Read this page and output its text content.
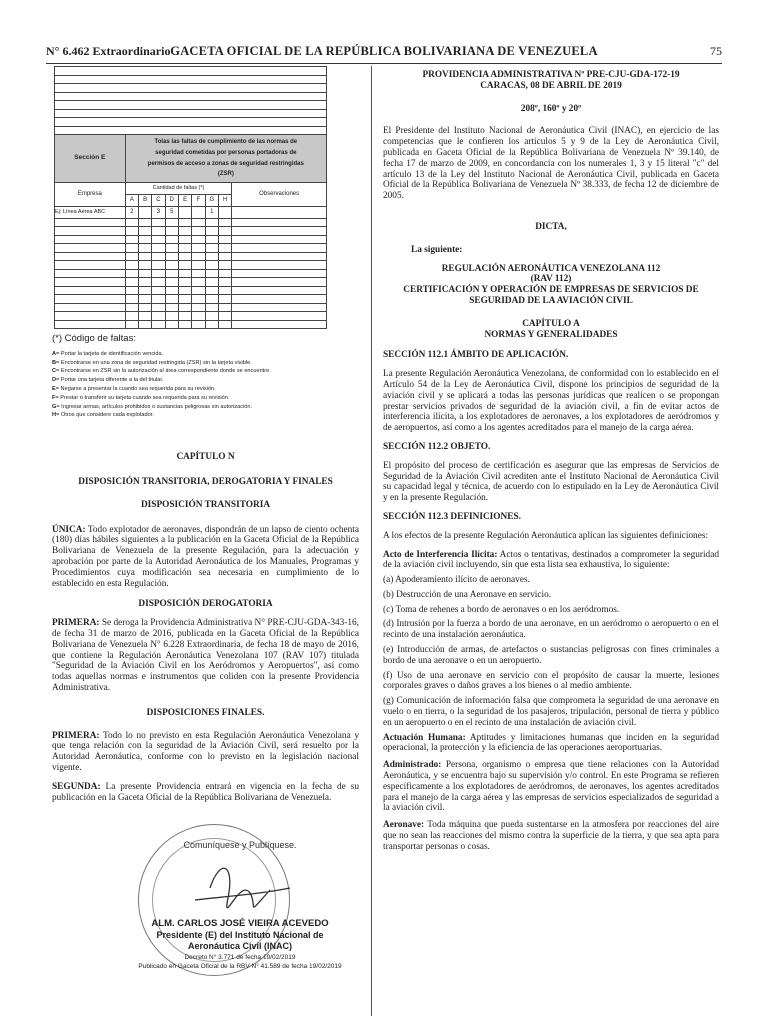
N° 6.462 Extraordinario GACETA OFICIAL DE LA REPÚBLICA BOLIVARIANA DE VENEZUELA	75

Sección E	Tolas las faltas de cumplimiento de las normas de seguridad cometidas por personas portadoras de permisos de acceso a zonas de seguridad restringidas (ZSR)								
Empresa	Cantidad de faltas (*)								Observaciones
	A	B	C	D	E	F	G	H	
Ej: Línea Aérea ABC	2		3	5			1		

(*) Código de faltas:
A= Portar la tarjeta de identificación vencida.
B= Encontrarse en una zona de seguridad restringida (ZSR) sin la tarjeta visible.
C= Encontrarse en ZSR sin la autorización al área correspondiente donde se encuentre.
D= Portar una tarjeta diferente a la del titular.
E= Negarse a presentar la cuando sea requerida para su revisión.
F= Prestar o transferir su tarjeta cuando sea requerida para su revisión.
G= Ingresar armas, artículos prohibidos o sustancias peligrosas sin autorización.
H= Otros que considere cada explotador.

CAPÍTULO N

DISPOSICIÓN TRANSITORIA, DEROGATORIA Y FINALES

DISPOSICIÓN TRANSITORIA

ÚNICA: Todo explotador de aeronaves, dispondrán de un lapso de ciento ochenta (180) días hábiles siguientes a la publicación en la Gaceta Oficial de la República Bolivariana de Venezuela de la presente Regulación, para la adecuación y aprobación por parte de la Autoridad Aeronáutica de los Manuales, Programas y Procedimientos cuya modificación sea necesaria en cumplimiento de lo establecido en esta Regulación.

DISPOSICIÓN DEROGATORIA

PRIMERA: Se deroga la Providencia Administrativa N° PRE-CJU-GDA-343-16, de fecha 31 de marzo de 2016, publicada en la Gaceta Oficial de la República Bolivariana de Venezuela N° 6.228 Extraordinaria, de fecha 18 de mayo de 2016, que contiene la Regulación Aeronáutica Venezolana 107 (RAV 107) titulada "Seguridad de la Aviación Civil en los Aeródromos y Aeropuertos", así como todas aquellas normas e instrumentos que coliden con la presente Providencia Administrativa.

DISPOSICIONES FINALES.

PRIMERA: Todo lo no previsto en esta Regulación Aeronáutica Venezolana y que tenga relación con la seguridad de la Aviación Civil, será resuelto por la Autoridad Aeronáutica, conforme con lo previsto en la legislación nacional vigente.

SEGUNDA: La presente Providencia entrará en vigencia en la fecha de su publicación en la Gaceta Oficial de la República Bolivariana de Venezuela.

Comuníquese y Publíquese.
ALM. CARLOS JOSÉ VIEIRA ACEVEDO
Presidente (E) del Instituto Nacional de
Aeronáutica Civil (INAC)
Decreto N° 3.771 de fecha 19/02/2019
Publicado en Gaceta Oficial de la RBV N° 41.589 de fecha 19/02/2019

PROVIDENCIA ADMINISTRATIVA Nº PRE-CJU-GDA-172-19

CARACAS, 08 DE ABRIL DE 2019

208º, 160º y 20º

El Presidente del Instituto Nacional de Aeronáutica Civil (INAC), en ejercicio de las competencias que le confieren los artículos 5 y 9 de la Ley de Aeronáutica Civil, publicada en Gaceta Oficial de la República Bolivariana de Venezuela Nº 39.140, de fecha 17 de marzo de 2009, en concordancia con los numerales 1, 3 y 15 literal "c" del artículo 13 de la Ley del Instituto Nacional de Aeronáutica Civil, publicada en Gaceta Oficial de la República Bolivariana de Venezuela Nº 38.333, de fecha 12 de diciembre de 2005.

DICTA,

La siguiente:

REGULACIÓN AERONÁUTICA VENEZOLANA 112

(RAV 112)

CERTIFICACIÓN Y OPERACIÓN DE EMPRESAS DE SERVICIOS DE SEGURIDAD DE LA AVIACIÓN CIVIL

CAPÍTULO A

NORMAS Y GENERALIDADES

SECCIÓN 112.1 ÁMBITO DE APLICACIÓN.

La presente Regulación Aeronáutica Venezolana, de conformidad con lo establecido en el Artículo 54 de la Ley de Aeronáutica Civil, dispone los principios de seguridad de la aviación civil y se aplicará a todas las personas jurídicas que realicen o se propongan prestar servicios privados de seguridad de la aviación civil, a fin de evitar actos de interferencia ilícita, a los explotadores de aeronaves, a los explotadores de aeródromos y de aeropuertos, así como a los agentes acreditados para el manejo de la carga aérea.

SECCIÓN 112.2 OBJETO.

El propósito del proceso de certificación es asegurar que las empresas de Servicios de Seguridad de la Aviación Civil acrediten ante el Instituto Nacional de Aeronáutica Civil su capacidad legal y técnica, de acuerdo con lo estipulado en la Ley de Aeronáutica Civil y en la presente Regulación.

SECCIÓN 112.3 DEFINICIONES.

A los efectos de la presente Regulación Aeronáutica aplican las siguientes definiciones:

Acto de Interferencia Ilícita: Actos o tentativas, destinados a comprometer la seguridad de la aviación civil incluyendo, sin que esta lista sea exhaustiva, lo siguiente:

(a) Apoderamiento ilícito de aeronaves.

(b) Destrucción de una Aeronave en servicio.

(c) Toma de rehenes a bordo de aeronaves o en los aeródromos.

(d) Intrusión por la fuerza a bordo de una aeronave, en un aeródromo o aeropuerto o en el recinto de una instalación aeronáutica.

(e) Introducción de armas, de artefactos o sustancias peligrosas con fines criminales a bordo de una aeronave o en un aeropuerto.

(f) Uso de una aeronave en servicio con el propósito de causar la muerte, lesiones corporales graves o daños graves a los bienes o al medio ambiente.

(g) Comunicación de información falsa que comprometa la seguridad de una aeronave en vuelo o en tierra, o la seguridad de los pasajeros, tripulación, personal de tierra y público en un aeropuerto o en el recinto de una instalación de aviación civil.

Actuación Humana: Aptitudes y limitaciones humanas que inciden en la seguridad operacional, la protección y la eficiencia de las operaciones aeroportuarias.

Administrado: Persona, organismo o empresa que tiene relaciones con la Autoridad Aeronáutica, y se encuentra bajo su supervisión y/o control. En este Programa se refieren específicamente a los explotadores de aeródromos, de aeronaves, los agentes acreditados para el manejo de la carga aérea y las empresas de servicios especializados de seguridad a la aviación civil.

Aeronave: Toda máquina que pueda sustentarse en la atmosfera por reacciones del aire que no sean las reacciones del mismo contra la superficie de la tierra, y que sea apta para transportar personas o cosas.
